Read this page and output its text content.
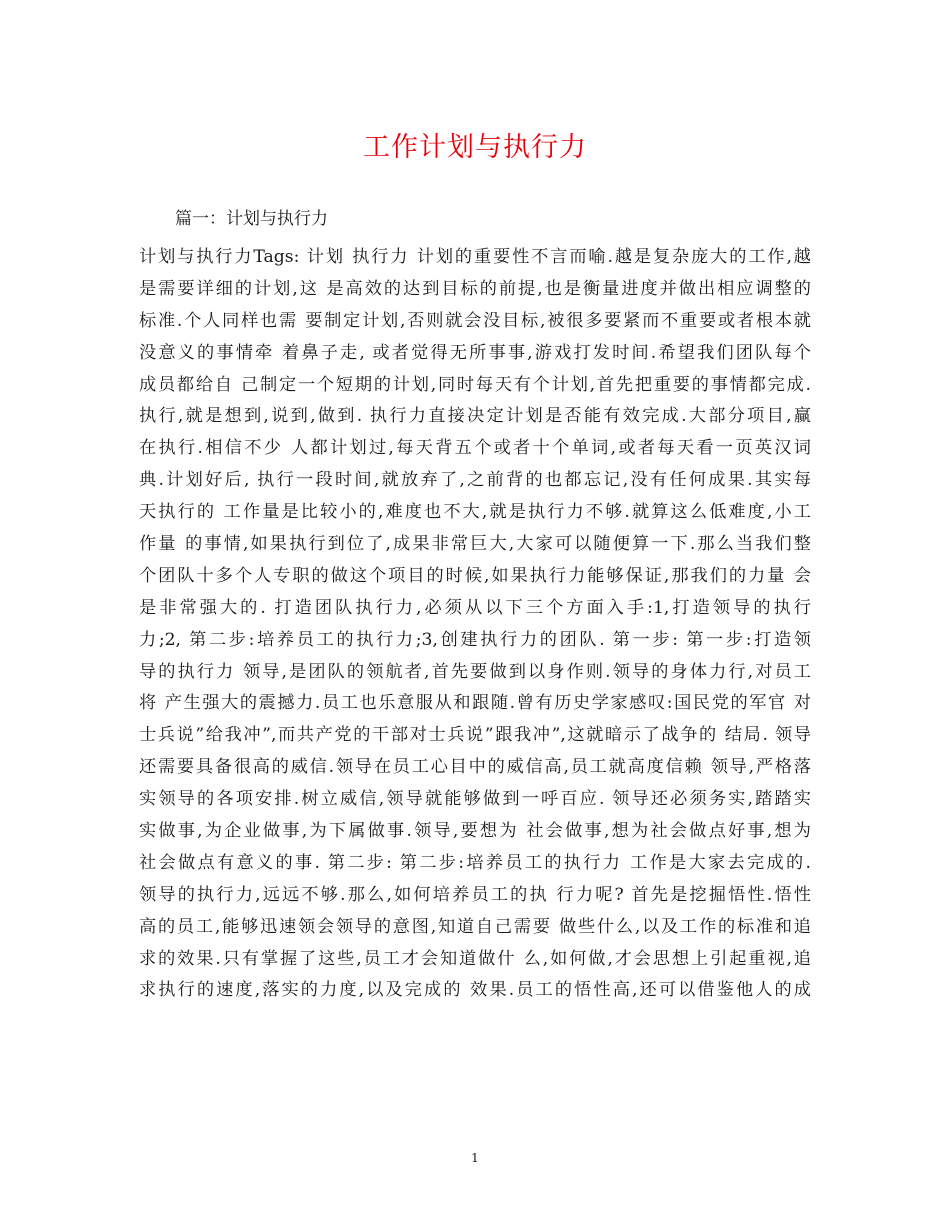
工作计划与执行力
篇一：计划与执行力
计划与执行力Tags: 计划 执行力 计划的重要性不言而喻.越是复杂庞大的工作,越
是需要详细的计划,这 是高效的达到目标的前提,也是衡量进度并做出相应调整的
标准.个人同样也需 要制定计划,否则就会没目标,被很多要紧而不重要或者根本就
没意义的事情牵 着鼻子走, 或者觉得无所事事,游戏打发时间.希望我们团队每个
成员都给自 己制定一个短期的计划,同时每天有个计划,首先把重要的事情都完成.
执行,就是想到,说到,做到. 执行力直接决定计划是否能有效完成.大部分项目,赢
在执行.相信不少 人都计划过,每天背五个或者十个单词,或者每天看一页英汉词
典.计划好后, 执行一段时间,就放弃了,之前背的也都忘记,没有任何成果.其实每
天执行的 工作量是比较小的,难度也不大,就是执行力不够.就算这么低难度,小工
作量 的事情,如果执行到位了,成果非常巨大,大家可以随便算一下.那么当我们整
个团队十多个人专职的做这个项目的时候,如果执行力能够保证,那我们的力量 会
是非常强大的. 打造团队执行力,必须从以下三个方面入手:1,打造领导的执行
力;2, 第二步:培养员工的执行力;3,创建执行力的团队. 第一步: 第一步:打造领
导的执行力 领导,是团队的领航者,首先要做到以身作则.领导的身体力行,对员工
将 产生强大的震撼力.员工也乐意服从和跟随.曾有历史学家感叹:国民党的军官 对
士兵说”给我冲”,而共产党的干部对士兵说”跟我冲”,这就暗示了战争的 结局. 领导
还需要具备很高的威信.领导在员工心目中的威信高,员工就高度信赖 领导,严格落
实领导的各项安排.树立威信,领导就能够做到一呼百应. 领导还必须务实,踏踏实
实做事,为企业做事,为下属做事.领导,要想为 社会做事,想为社会做点好事,想为
社会做点有意义的事. 第二步: 第二步:培养员工的执行力 工作是大家去完成的.
领导的执行力,远远不够.那么,如何培养员工的执 行力呢? 首先是挖掘悟性.悟性
高的员工,能够迅速领会领导的意图,知道自己需要 做些什么,以及工作的标准和追
求的效果.只有掌握了这些,员工才会知道做什 么,如何做,才会思想上引起重视,追
求执行的速度,落实的力度,以及完成的 效果.员工的悟性高,还可以借鉴他人的成
1
